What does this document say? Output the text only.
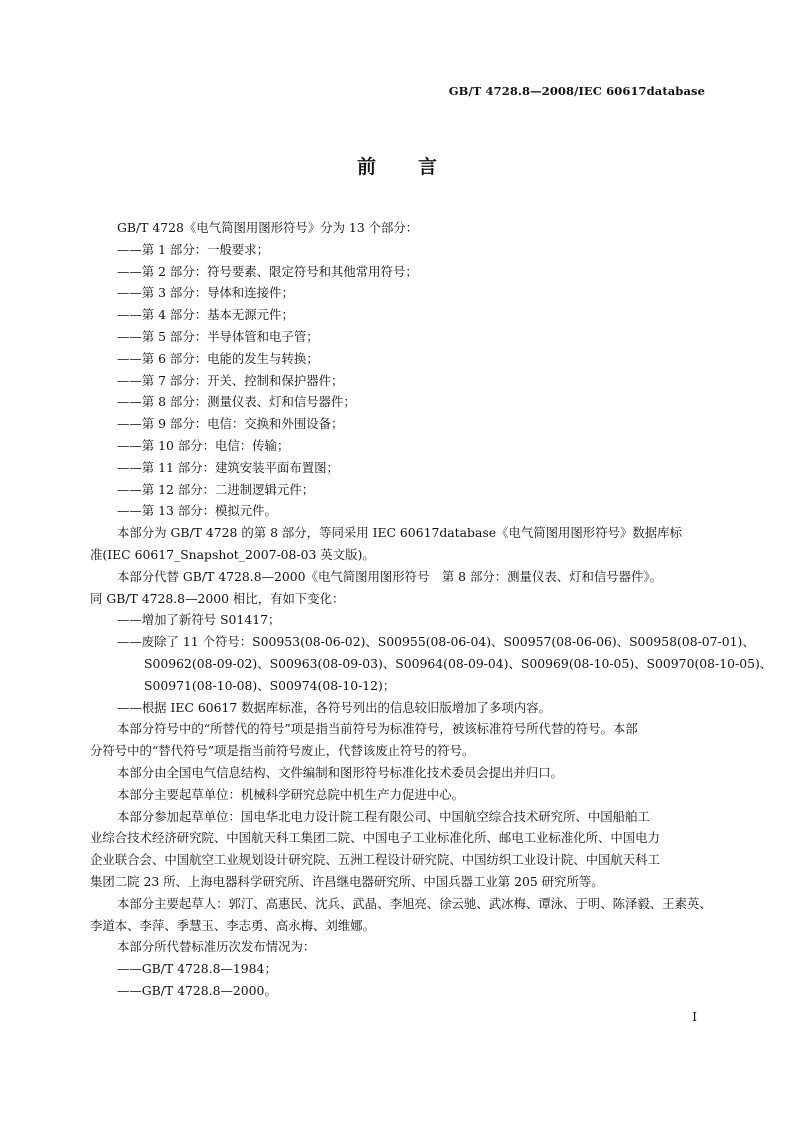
GB/T 4728.8—2008/IEC 60617database
前言
GB/T 4728《电气简图用图形符号》分为 13 个部分：
——第 1 部分：一般要求；
——第 2 部分：符号要素、限定符号和其他常用符号；
——第 3 部分：导体和连接件；
——第 4 部分：基本无源元件；
——第 5 部分：半导体管和电子管；
——第 6 部分：电能的发生与转换；
——第 7 部分：开关、控制和保护器件；
——第 8 部分：测量仪表、灯和信号器件；
——第 9 部分：电信：交换和外围设备；
——第 10 部分：电信：传输；
——第 11 部分：建筑安装平面布置图；
——第 12 部分：二进制逻辑元件；
——第 13 部分：模拟元件。
本部分为 GB/T 4728 的第 8 部分，等同采用 IEC 60617database《电气简图用图形符号》数据库标
准(IEC 60617_Snapshot_2007-08-03 英文版)。
本部分代替 GB/T 4728.8—2000《电气简图用图形符号　第 8 部分：测量仪表、灯和信号器件》。
同 GB/T 4728.8—2000 相比，有如下变化：
——增加了新符号 S01417；
——废除了 11 个符号：S00953(08-06-02)、S00955(08-06-04)、S00957(08-06-06)、S00958(08-07-01)、
S00962(08-09-02)、S00963(08-09-03)、S00964(08-09-04)、S00969(08-10-05)、S00970(08-10-05)、
S00971(08-10-08)、S00974(08-10-12)；
——根据 IEC 60617 数据库标准，各符号列出的信息较旧版增加了多项内容。
本部分符号中的“所替代的符号”项是指当前符号为标准符号，被该标准符号所代替的符号。本部
分符号中的“替代符号”项是指当前符号废止，代替该废止符号的符号。
本部分由全国电气信息结构、文件编制和图形符号标准化技术委员会提出并归口。
本部分主要起草单位：机械科学研究总院中机生产力促进中心。
本部分参加起草单位：国电华北电力设计院工程有限公司、中国航空综合技术研究所、中国船舶工
业综合技术经济研究院、中国航天科工集团二院、中国电子工业标准化所、邮电工业标准化所、中国电力
企业联合会、中国航空工业规划设计研究院、五洲工程设计研究院、中国纺织工业设计院、中国航天科工
集团二院 23 所、上海电器科学研究所、许昌继电器研究所、中国兵器工业第 205 研究所等。
本部分主要起草人：郭汀、高惠民、沈兵、武晶、李旭亮、徐云驰、武冰梅、谭泳、于明、陈泽毅、王素英、
李道本、李萍、季慧玉、李志勇、高永梅、刘维娜。
本部分所代替标准历次发布情况为：
——GB/T 4728.8—1984；
——GB/T 4728.8—2000。
I
